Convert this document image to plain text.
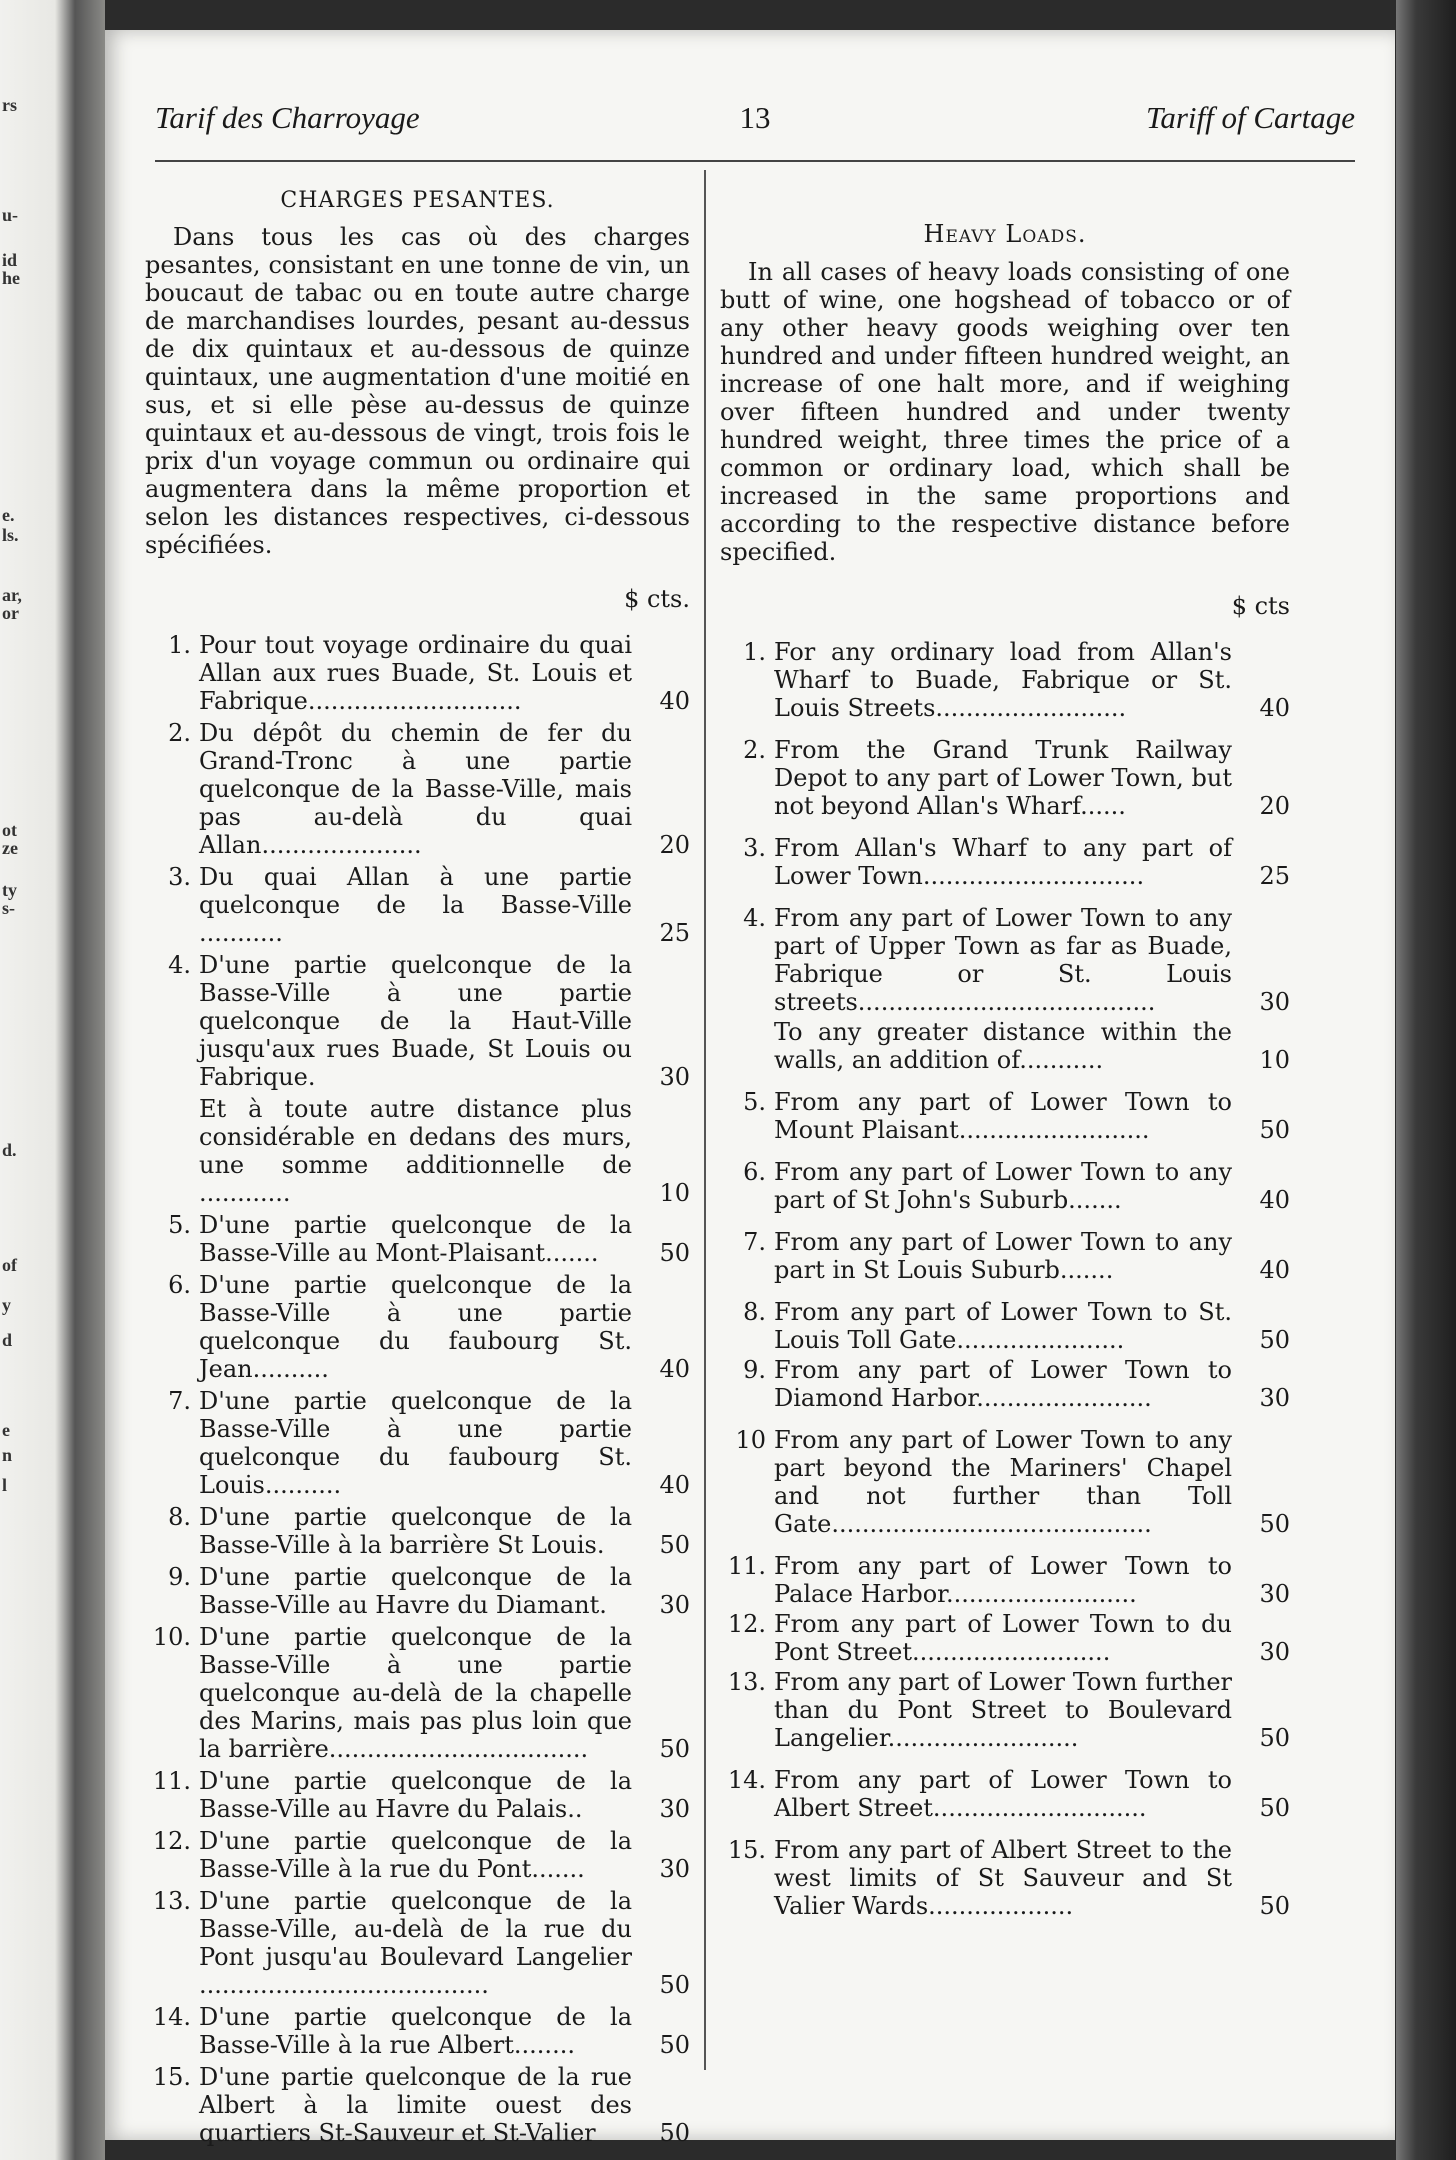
rs
u-
id
he
e.
ls.
ar,
or
ot
ze
ty
s-
d.
of
y
d
e
n
l
Tarif des Charroyage	13	Tariff of Cartage
CHARGES PESANTES.

Dans tous les cas où des charges pesantes, consistant en une tonne de vin, un boucaut de tabac ou en toute autre charge de marchandises lourdes, pesant au-dessus de dix quintaux et au-dessous de quinze quintaux, une augmentation d'une moitié en sus, et si elle pèse au-dessus de quinze quintaux et au-dessous de vingt, trois fois le prix d'un voyage commun ou ordinaire qui augmentera dans la même proportion et selon les distances respectives, ci-dessous spécifiées.

$ cts.
1. Pour tout voyage ordinaire du quai Allan aux rues Buade, St. Louis et Fabrique............................	40
2. Du dépôt du chemin de fer du Grand-Tronc à une partie quelconque de la Basse-Ville, mais pas au-delà du quai Allan.....................	20
3. Du quai Allan à une partie quelconque de la Basse-Ville ...........	25
4. D'une partie quelconque de la Basse-Ville à une partie quelconque de la Haut-Ville jusqu'aux rues Buade, St Louis ou Fabrique.	30
Et à toute autre distance plus considérable en dedans des murs, une somme additionnelle de ............	10
5. D'une partie quelconque de la Basse-Ville au Mont-Plaisant.......	50
6. D'une partie quelconque de la Basse-Ville à une partie quelconque du faubourg St. Jean..........	40
7. D'une partie quelconque de la Basse-Ville à une partie quelconque du faubourg St. Louis..........	40
8. D'une partie quelconque de la Basse-Ville à la barrière St Louis.	50
9. D'une partie quelconque de la Basse-Ville au Havre du Diamant.	30
10. D'une partie quelconque de la Basse-Ville à une partie quelconque au-delà de la chapelle des Marins, mais pas plus loin que la barrière..................................	50
11. D'une partie quelconque de la Basse-Ville au Havre du Palais..	30
12. D'une partie quelconque de la Basse-Ville à la rue du Pont.......	30
13. D'une partie quelconque de la Basse-Ville, au-delà de la rue du Pont jusqu'au Boulevard Langelier ......................................	50
14. D'une partie quelconque de la Basse-Ville à la rue Albert........	50
15. D'une partie quelconque de la rue Albert à la limite ouest des quartiers St-Sauveur et St-Valier	50
Heavy Loads.

In all cases of heavy loads consisting of one butt of wine, one hogshead of tobacco or of any other heavy goods weighing over ten hundred and under fifteen hundred weight, an increase of one halt more, and if weighing over fifteen hundred and under twenty hundred weight, three times the price of a common or ordinary load, which shall be increased in the same proportions and according to the respective distance before specified.

$ cts
1. For any ordinary load from Allan's Wharf to Buade, Fabrique or St. Louis Streets.........................	40
2. From the Grand Trunk Railway Depot to any part of Lower Town, but not beyond Allan's Wharf......	20
3. From Allan's Wharf to any part of Lower Town.............................	25
4. From any part of Lower Town to any part of Upper Town as far as Buade, Fabrique or St. Louis streets.......................................	30
To any greater distance within the walls, an addition of...........	10
5. From any part of Lower Town to Mount Plaisant.........................	50
6. From any part of Lower Town to any part of St John's Suburb.......	40
7. From any part of Lower Town to any part in St Louis Suburb.......	40
8. From any part of Lower Town to St. Louis Toll Gate......................	50
9. From any part of Lower Town to Diamond Harbor.......................	30
10 From any part of Lower Town to any part beyond the Mariners' Chapel and not further than Toll Gate..........................................	50
11. From any part of Lower Town to Palace Harbor.........................	30
12. From any part of Lower Town to du Pont Street..........................	30
13. From any part of Lower Town further than du Pont Street to Boulevard Langelier.........................	50
14. From any part of Lower Town to Albert Street............................	50
15. From any part of Albert Street to the west limits of St Sauveur and St Valier Wards...................	50
